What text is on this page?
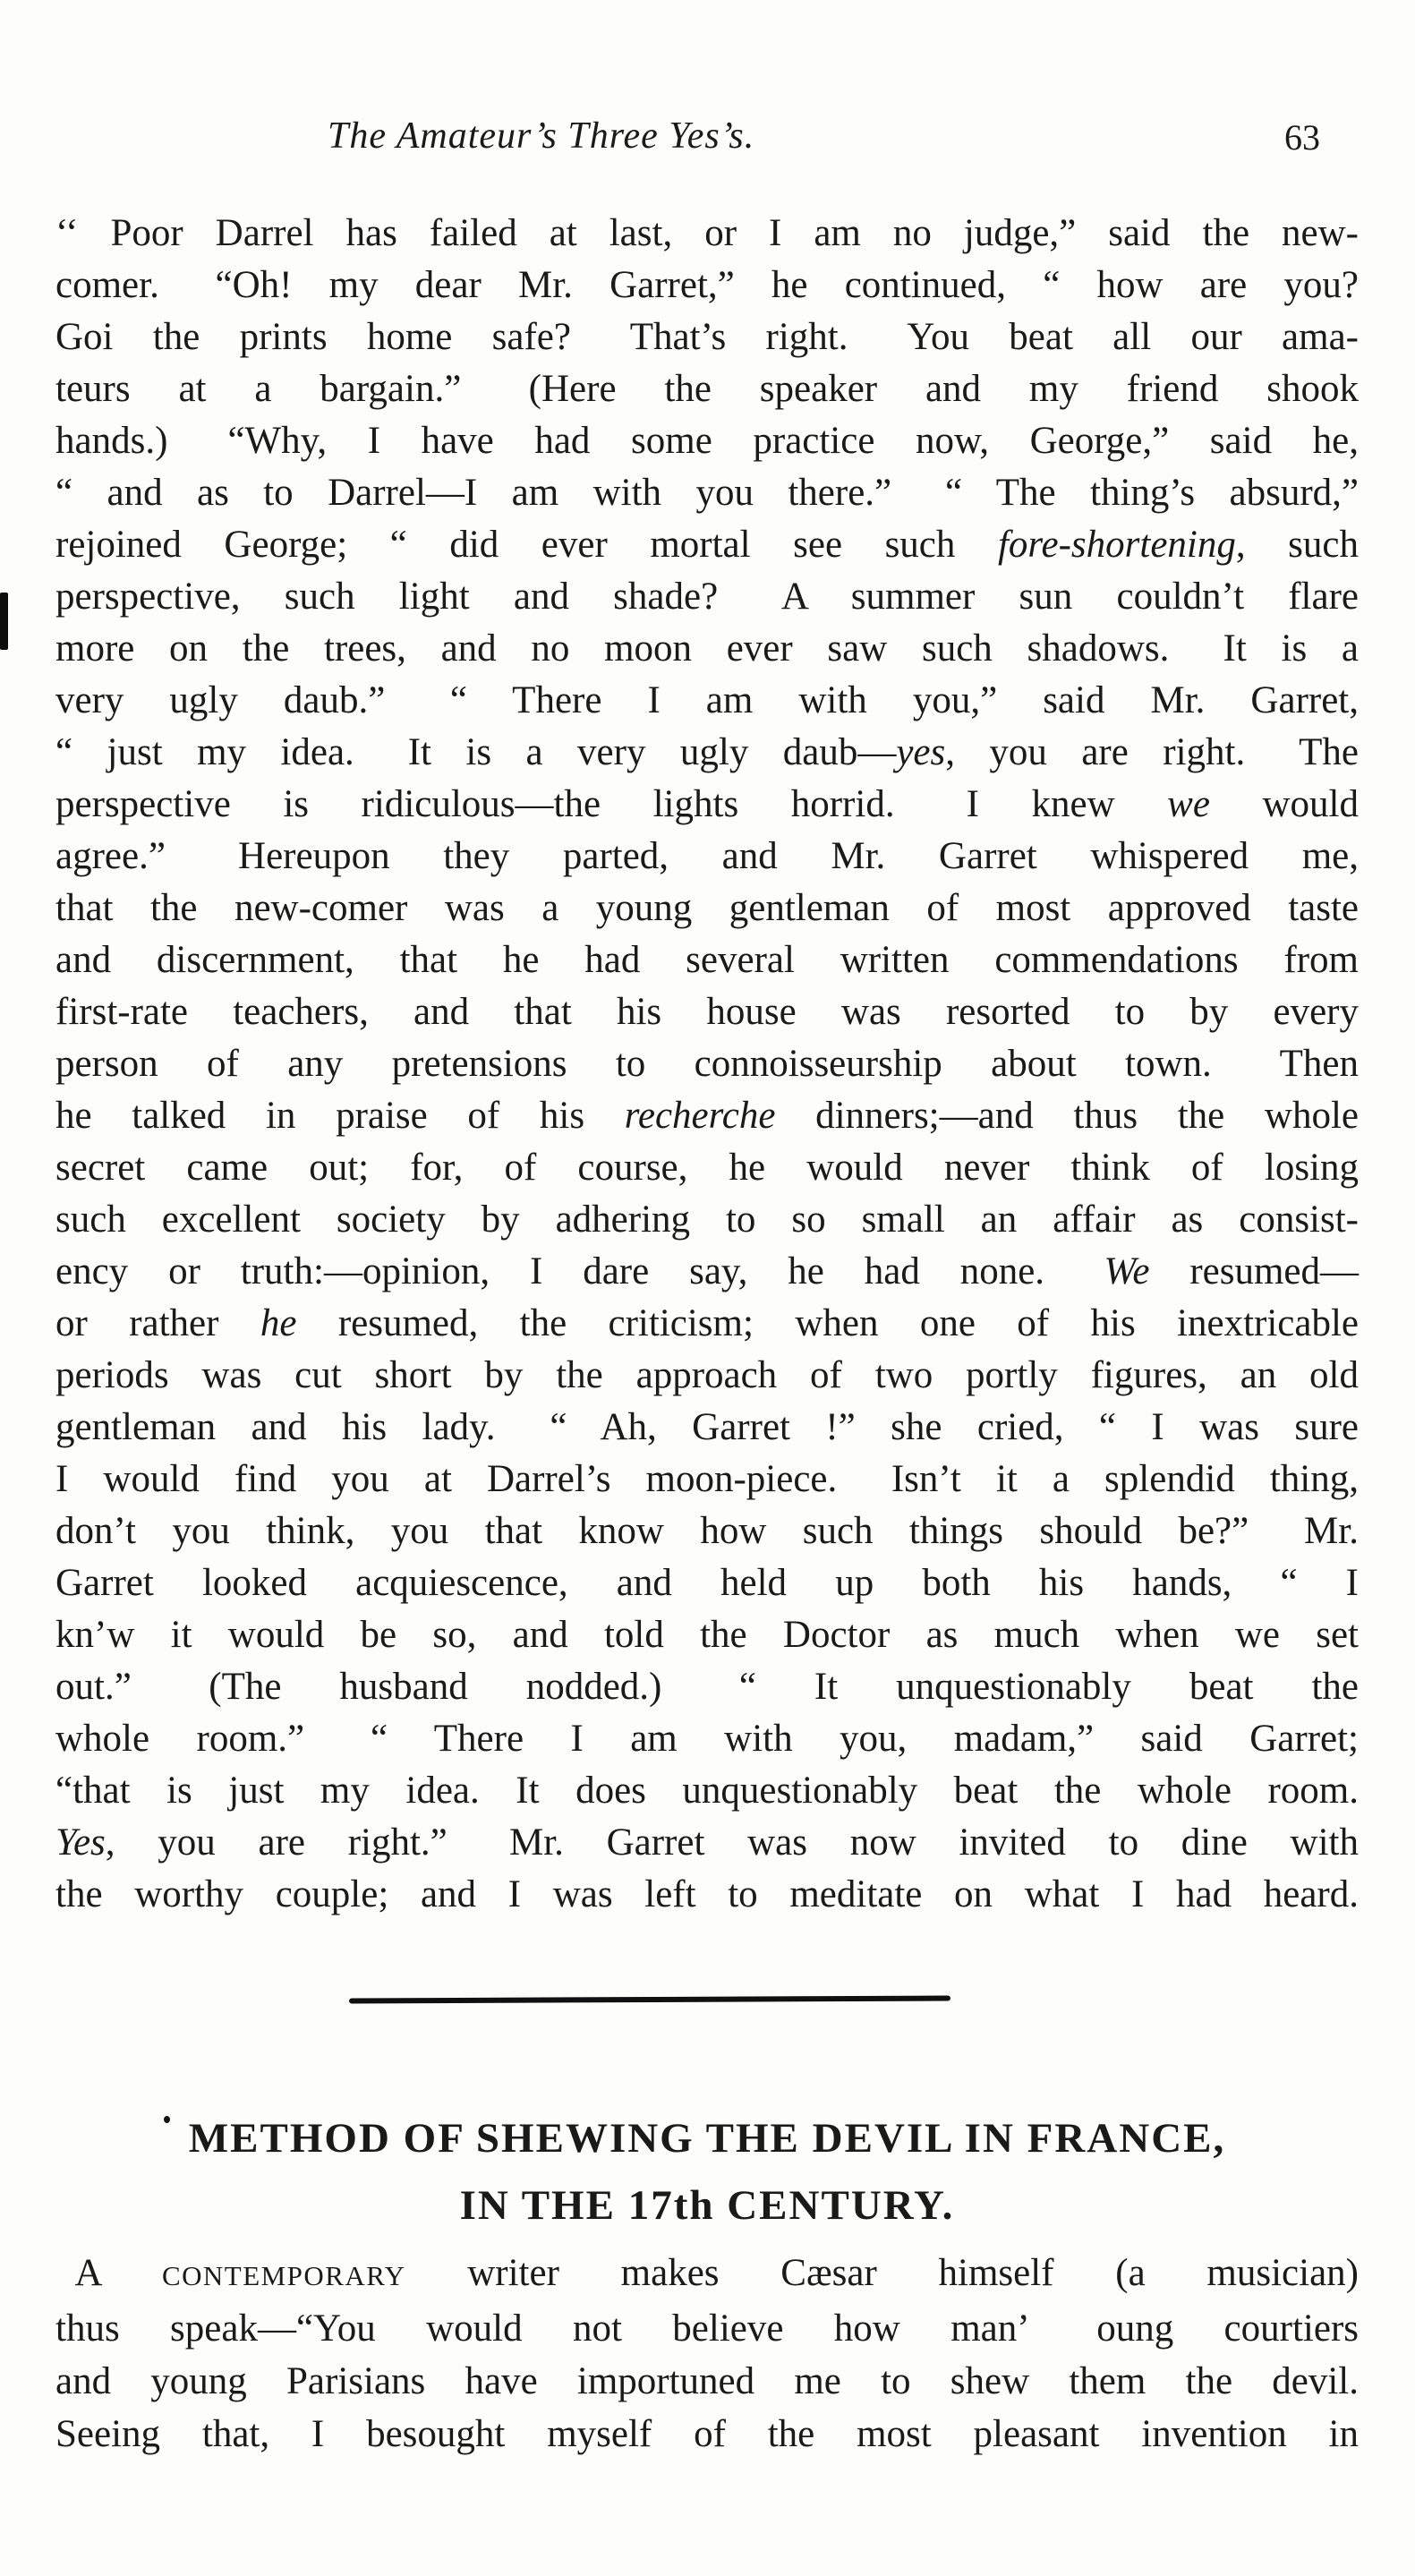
The Amateur’s Three Yes’s.	63
‘‘ Poor Darrel has failed at last, or I am no judge,” said the new-
comer.  “Oh! my dear Mr. Garret,” he continued, “ how are you?
Goi the prints home safe?  That’s right.  You beat all our ama-
teurs at a bargain.”  (Here the speaker and my friend shook
hands.)  “Why, I have had some practice now, George,” said he,
“ and as to Darrel—I am with you there.”  “ The thing’s absurd,”
rejoined George; “ did ever mortal see such fore-shortening, such
perspective, such light and shade?  A summer sun couldn’t flare
more on the trees, and no moon ever saw such shadows.  It is a
very ugly daub.”  “ There I am with you,” said Mr. Garret,
“ just my idea.  It is a very ugly daub—yes, you are right.  The
perspective is ridiculous—the lights horrid.  I knew we would
agree.”  Hereupon they parted, and Mr. Garret whispered me,
that the new-comer was a young gentleman of most approved taste
and discernment, that he had several written commendations from
first-rate teachers, and that his house was resorted to by every
person of any pretensions to connoisseurship about town.  Then
he talked in praise of his recherche dinners;—and thus the whole
secret came out; for, of course, he would never think of losing
such excellent society by adhering to so small an affair as consist-
ency or truth:—opinion, I dare say, he had none.  We resumed—
or rather he resumed, the criticism; when one of his inextricable
periods was cut short by the approach of two portly figures, an old
gentleman and his lady.  “ Ah, Garret !” she cried, “ I was sure
I would find you at Darrel’s moon-piece.  Isn’t it a splendid thing,
don’t you think, you that know how such things should be?”  Mr.
Garret looked acquiescence, and held up both his hands, “ I
kn’w it would be so, and told the Doctor as much when we set
out.”  (The husband nodded.)  “ It unquestionably beat the
whole room.”  “ There I am with you, madam,” said Garret;
“that is just my idea. It does unquestionably beat the whole room.
Yes, you are right.”  Mr. Garret was now invited to dine with
the worthy couple; and I was left to meditate on what I had heard.
METHOD OF SHEWING THE DEVIL IN FRANCE,
IN THE 17th CENTURY.
 A CONTEMPORARY writer makes Cæsar himself (a musician)
thus speak—“You would not believe how man’  oung courtiers
and young Parisians have importuned me to shew them the devil.
Seeing that, I besought myself of the most pleasant invention in
